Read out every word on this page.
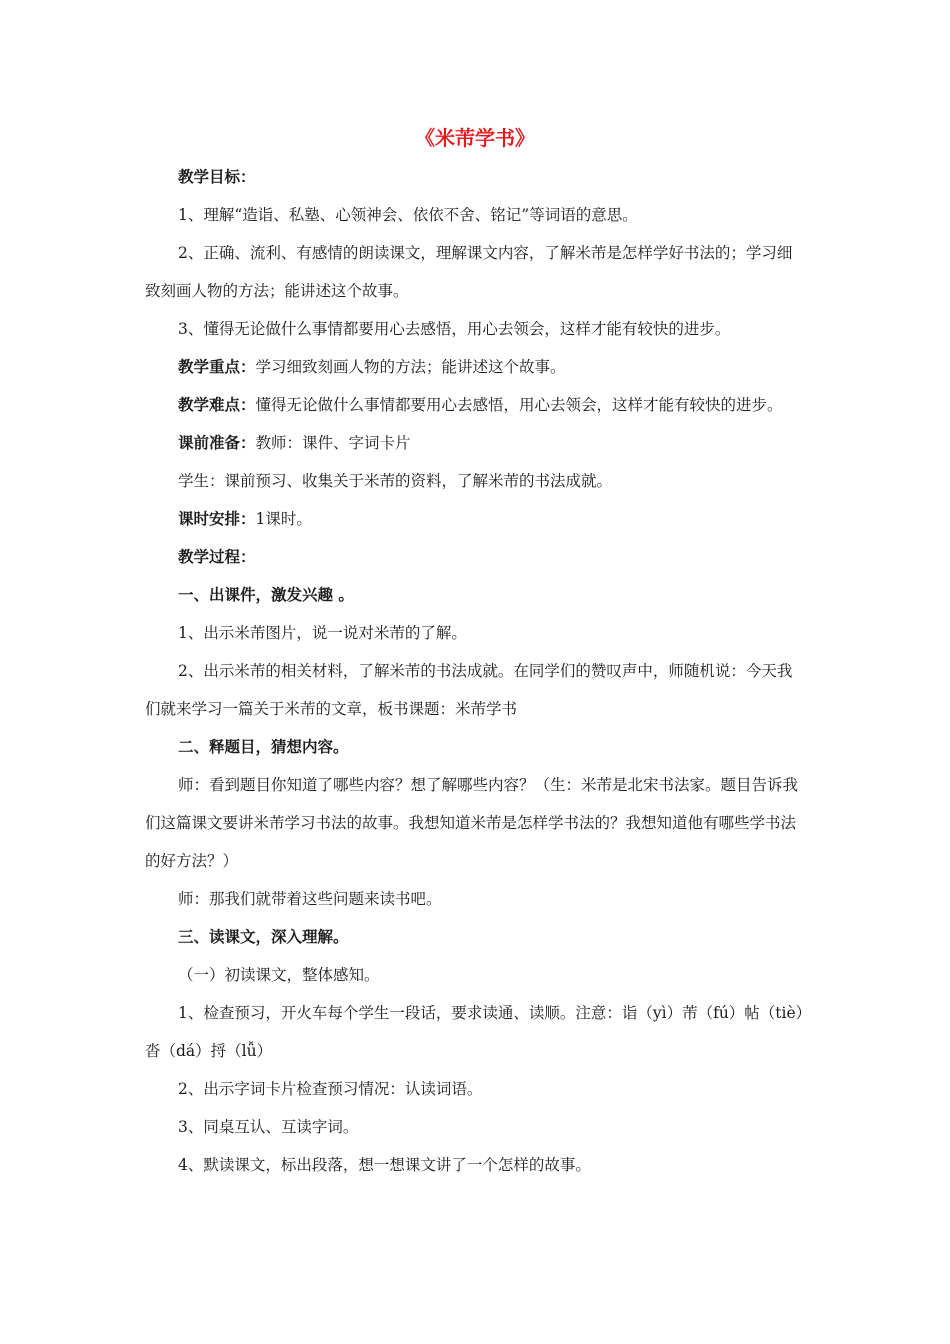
《米芾学书》

教学目标：

1、理解“造诣、私塾、心领神会、依依不舍、铭记”等词语的意思。

2、正确、流利、有感情的朗读课文，理解课文内容，了解米芾是怎样学好书法的；学习细致刻画人物的方法；能讲述这个故事。

3、懂得无论做什么事情都要用心去感悟，用心去领会，这样才能有较快的进步。

教学重点：学习细致刻画人物的方法；能讲述这个故事。

教学难点：懂得无论做什么事情都要用心去感悟，用心去领会，这样才能有较快的进步。

课前准备：教师：课件、字词卡片

学生：课前预习、收集关于米芾的资料，了解米芾的书法成就。

课时安排：1课时。

教学过程：

一、出课件，激发兴趣 。

1、出示米芾图片，说一说对米芾的了解。

2、出示米芾的相关材料，了解米芾的书法成就。在同学们的赞叹声中，师随机说：今天我们就来学习一篇关于米芾的文章，板书课题：米芾学书

二、释题目，猜想内容。

师：看到题目你知道了哪些内容？想了解哪些内容？（生：米芾是北宋书法家。题目告诉我们这篇课文要讲米芾学习书法的故事。我想知道米芾是怎样学书法的？我想知道他有哪些学书法的好方法？）

师：那我们就带着这些问题来读书吧。

三、读课文，深入理解。

（一）初读课文，整体感知。

1、检查预习，开火车每个学生一段话，要求读通、读顺。注意：诣（yì）芾（fú）帖（tiè）沓（dá）捋（lǚ）

2、出示字词卡片检查预习情况：认读词语。

3、同桌互认、互读字词。

4、默读课文，标出段落，想一想课文讲了一个怎样的故事。
